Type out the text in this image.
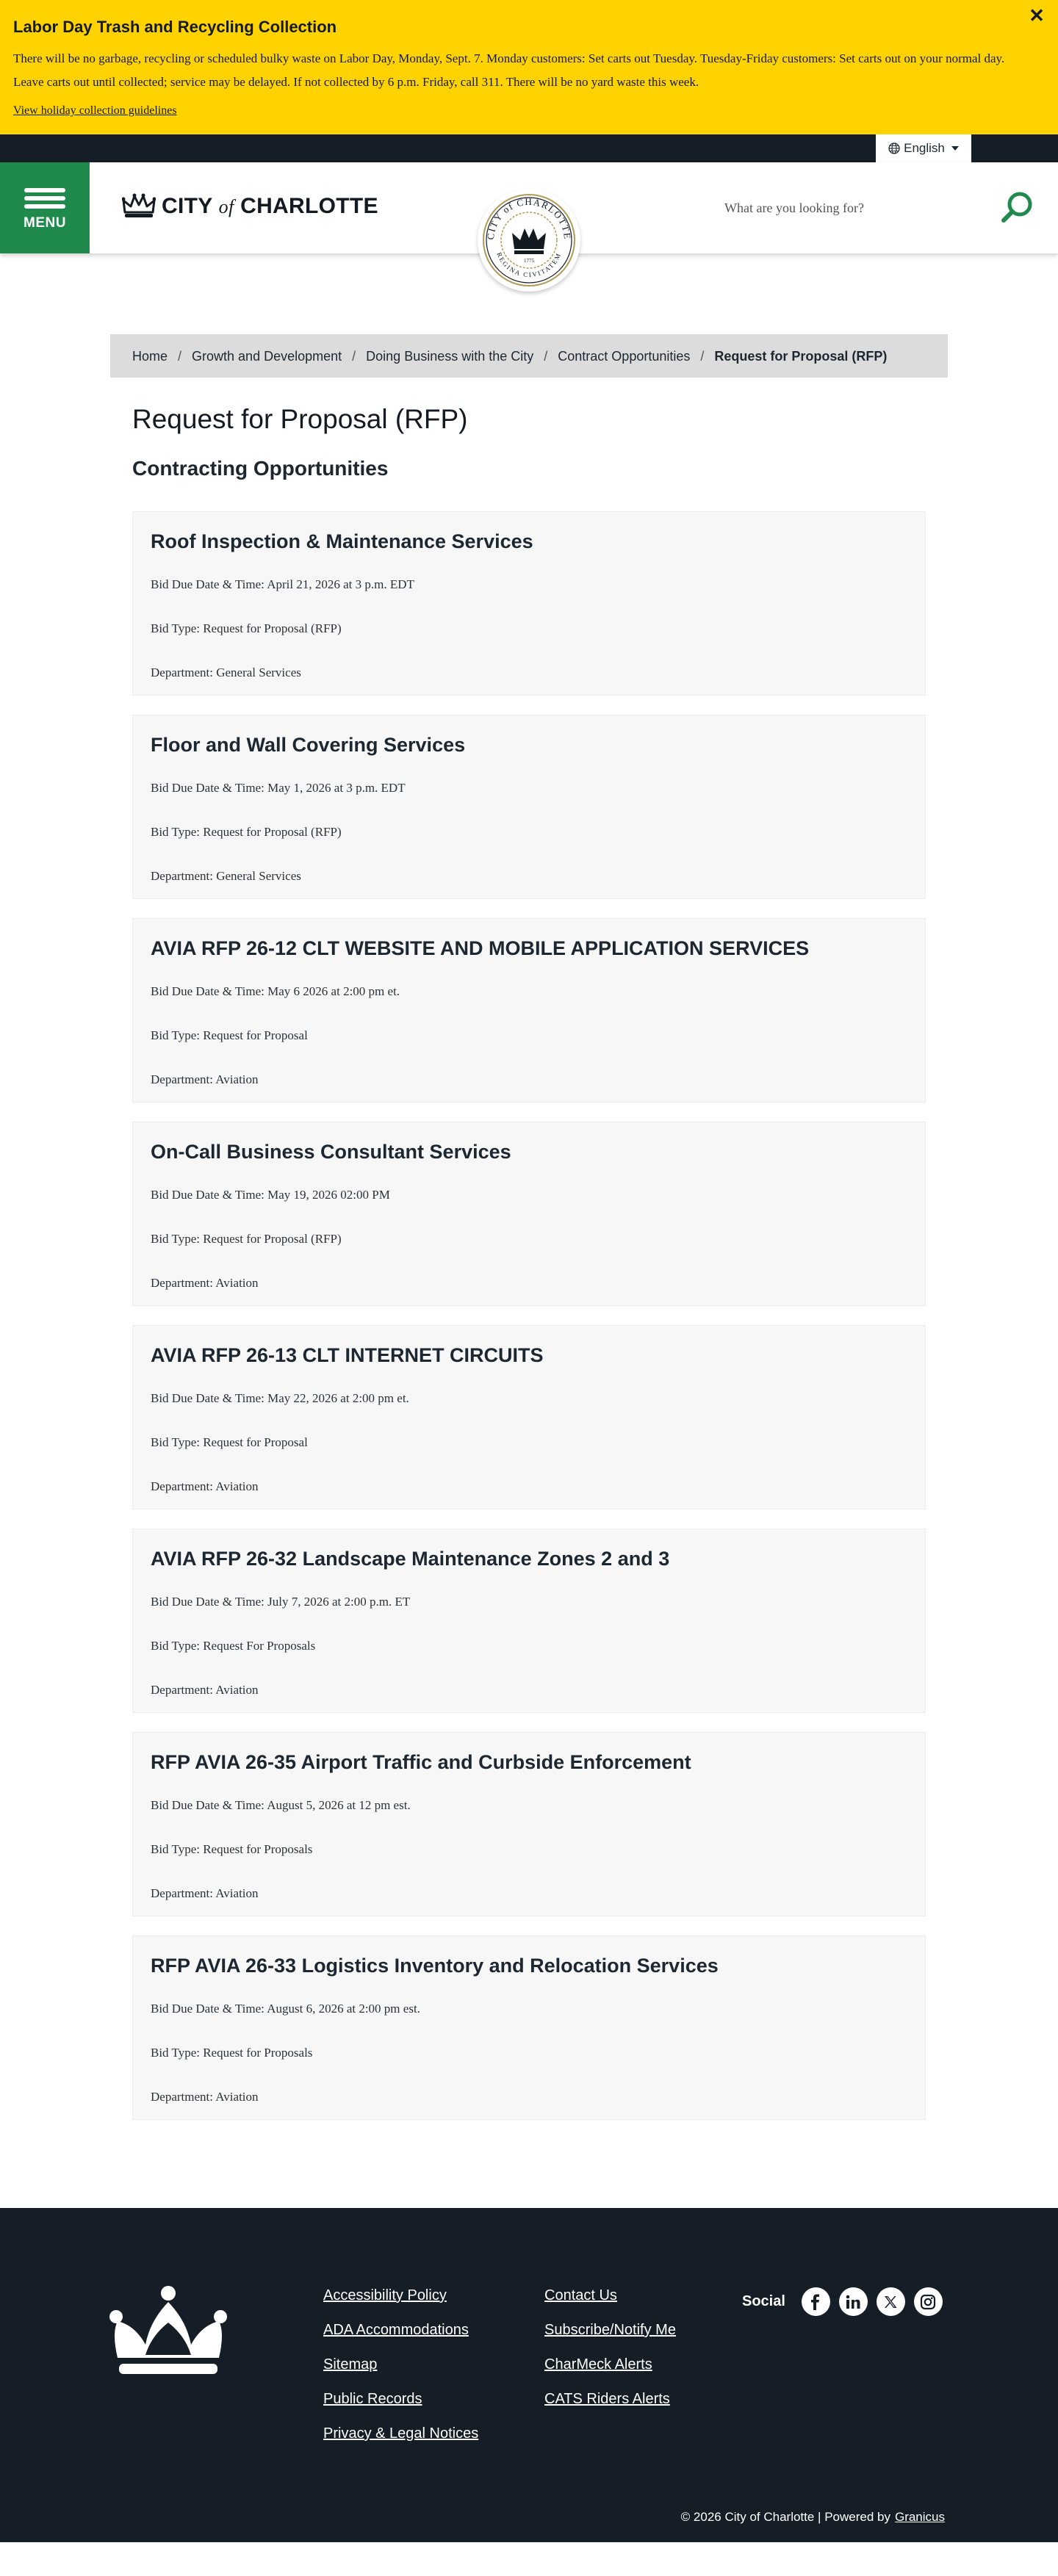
Labor Day Trash and Recycling Collection
There will be no garbage, recycling or scheduled bulky waste on Labor Day, Monday, Sept. 7. Monday customers: Set carts out Tuesday. Tuesday-Friday customers: Set carts out on your normal day. Leave carts out until collected; service may be delayed. If not collected by 6 p.m. Friday, call 311. There will be no yard waste this week.
View holiday collection guidelines
✕
English
MENU
CITY of CHARLOTTE
CITY of CHARLOTTE
REGINA CIVITATEM
1775
What are you looking for?
Home / Growth and Development / Doing Business with the City / Contract Opportunities / Request for Proposal (RFP)
Request for Proposal (RFP)
Contracting Opportunities
Roof Inspection & Maintenance Services
Bid Due Date & Time: April 21, 2026 at 3 p.m. EDT
Bid Type: Request for Proposal (RFP)
Department: General Services
Floor and Wall Covering Services
Bid Due Date & Time: May 1, 2026 at 3 p.m. EDT
Bid Type: Request for Proposal (RFP)
Department: General Services
AVIA RFP 26-12 CLT WEBSITE AND MOBILE APPLICATION SERVICES
Bid Due Date & Time: May 6 2026 at 2:00 pm et.
Bid Type: Request for Proposal
Department: Aviation
On-Call Business Consultant Services
Bid Due Date & Time: May 19, 2026 02:00 PM
Bid Type: Request for Proposal (RFP)
Department: Aviation
AVIA RFP 26-13 CLT INTERNET CIRCUITS
Bid Due Date & Time: May 22, 2026 at 2:00 pm et.
Bid Type: Request for Proposal
Department: Aviation
AVIA RFP 26-32 Landscape Maintenance Zones 2 and 3
Bid Due Date & Time: July 7, 2026 at 2:00 p.m. ET
Bid Type: Request For Proposals
Department: Aviation
RFP AVIA 26-35 Airport Traffic and Curbside Enforcement
Bid Due Date & Time: August 5, 2026 at 12 pm est.
Bid Type: Request for Proposals
Department: Aviation
RFP AVIA 26-33 Logistics Inventory and Relocation Services
Bid Due Date & Time: August 6, 2026 at 2:00 pm est.
Bid Type: Request for Proposals
Department: Aviation
Accessibility Policy
ADA Accommodations
Sitemap
Public Records
Privacy & Legal Notices
Contact Us
Subscribe/Notify Me
CharMeck Alerts
CATS Riders Alerts
Social
© 2026 City of Charlotte | Powered by Granicus
